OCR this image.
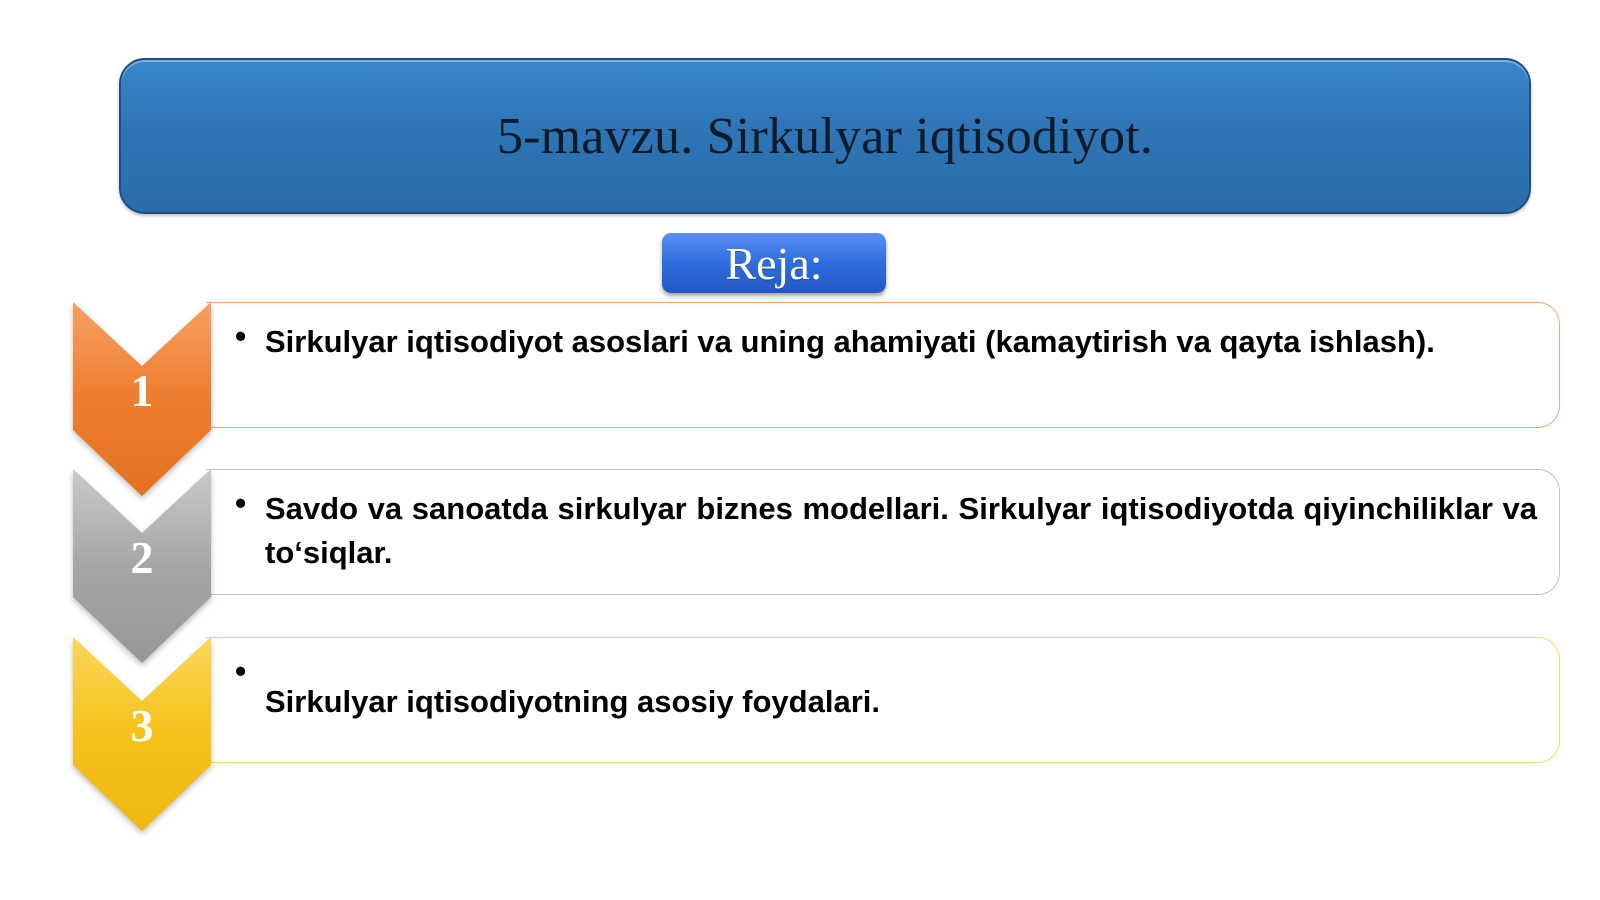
5-mavzu. Sirkulyar iqtisodiyot.
Reja:
• Sirkulyar iqtisodiyot asoslari va uning ahamiyati (kamaytirish va qayta ishlash).

1
• Savdo va sanoatda sirkulyar biznes modellari. Sirkulyar iqtisodiyotda qiyinchiliklar va to‘siqlar.

2
•

Sirkulyar iqtisodiyotning asosiy foydalari.

3
